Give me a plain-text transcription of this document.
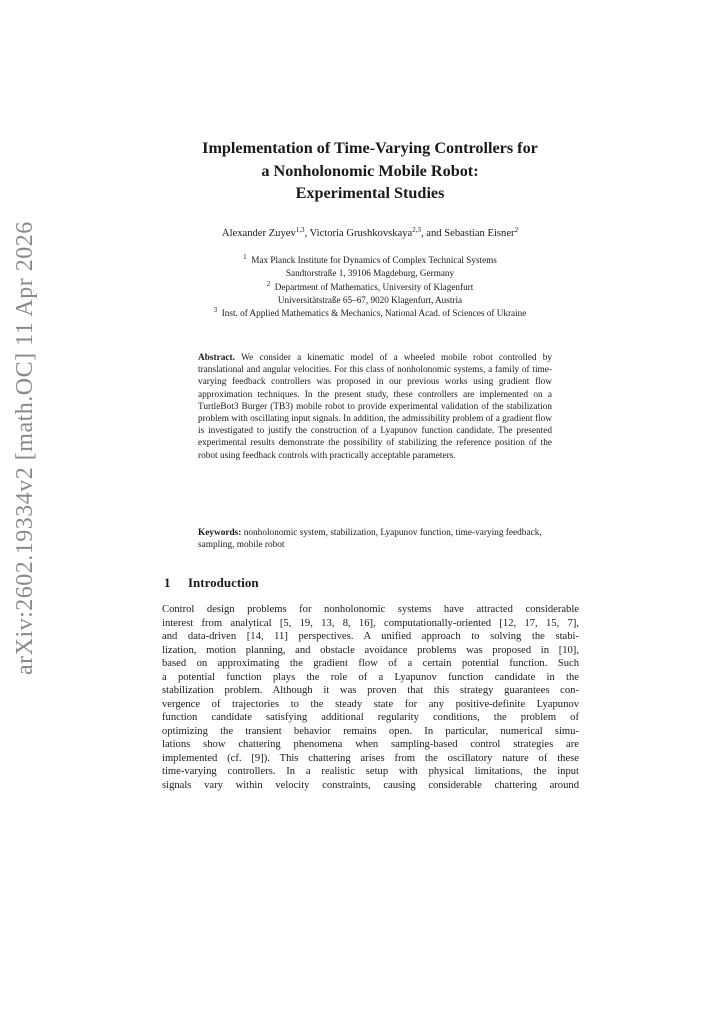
arXiv:2602.19334v2 [math.OC] 11 Apr 2026
Implementation of Time-Varying Controllers for
a Nonholonomic Mobile Robot:
Experimental Studies
Alexander Zuyev$^{1,3}$, Victoria Grushkovskaya$^{2,3}$, and Sebastian Eisner$^2$
$^1$ Max Planck Institute for Dynamics of Complex Technical Systems
Sandtorstraße 1, 39106 Magdeburg, Germany
$^2$ Department of Mathematics, University of Klagenfurt
Universitätstraße 65–67, 9020 Klagenfurt, Austria
$^3$ Inst. of Applied Mathematics & Mechanics, National Acad. of Sciences of Ukraine
Abstract. We consider a kinematic model of a wheeled mobile robot controlled by translational and angular velocities. For this class of nonholonomic systems, a family of time-varying feedback controllers was proposed in our previous works using gradient flow approximation techniques. In the present study, these controllers are implemented on a TurtleBot3 Burger (TB3) mobile robot to provide experimental validation of the stabilization problem with oscillating input signals. In addition, the admissibility problem of a gradient flow is investigated to justify the construction of a Lyapunov function candidate. The presented experimental results demonstrate the possibility of stabilizing the reference position of the robot using feedback controls with practically acceptable parameters.
Keywords: nonholonomic system, stabilization, Lyapunov function, time-varying feedback, sampling, mobile robot
1 Introduction
Control design problems for nonholonomic systems have attracted considerable
interest from analytical [5, 19, 13, 8, 16], computationally-oriented [12, 17, 15, 7],
and data-driven [14, 11] perspectives. A unified approach to solving the stabi-
lization, motion planning, and obstacle avoidance problems was proposed in [10],
based on approximating the gradient flow of a certain potential function. Such
a potential function plays the role of a Lyapunov function candidate in the
stabilization problem. Although it was proven that this strategy guarantees con-
vergence of trajectories to the steady state for any positive-definite Lyapunov
function candidate satisfying additional regularity conditions, the problem of
optimizing the transient behavior remains open. In particular, numerical simu-
lations show chattering phenomena when sampling-based control strategies are
implemented (cf. [9]). This chattering arises from the oscillatory nature of these
time-varying controllers. In a realistic setup with physical limitations, the input
signals vary within velocity constraints, causing considerable chattering around
